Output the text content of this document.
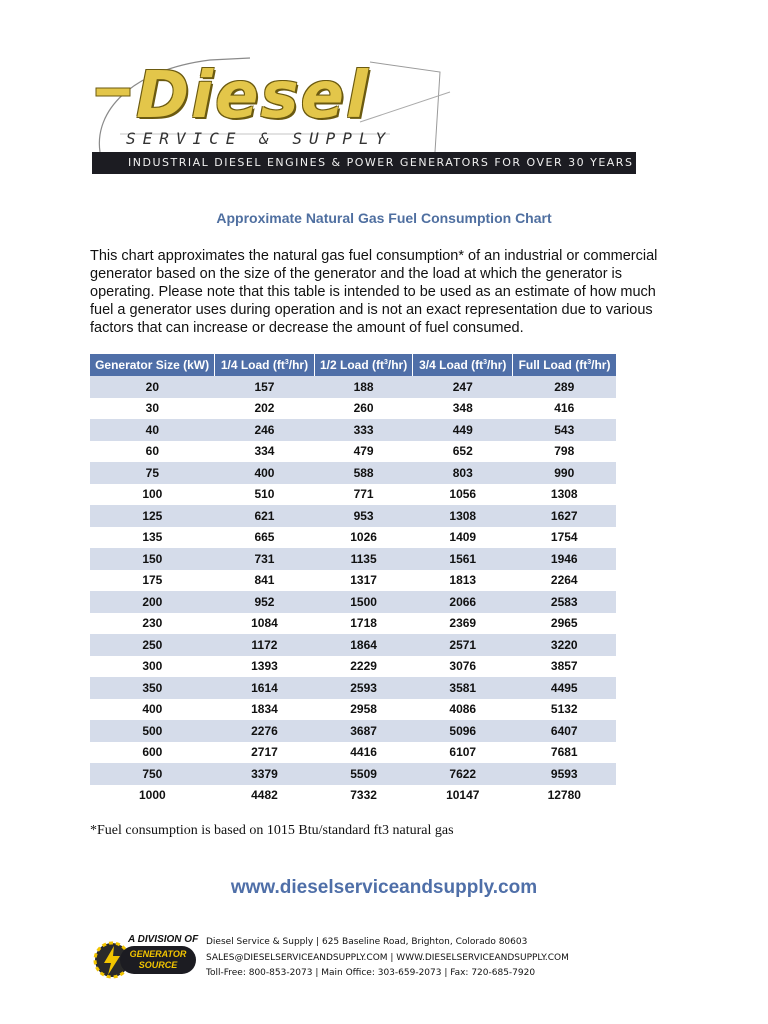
Diesel
SERVICE & SUPPLY
INDUSTRIAL DIESEL ENGINES & POWER GENERATORS FOR OVER 30 YEARS
Approximate Natural Gas Fuel Consumption Chart
This chart approximates the natural gas fuel consumption* of an industrial or commercial generator based on the size of the generator and the load at which the generator is operating. Please note that this table is intended to be used as an estimate of how much fuel a generator uses during operation and is not an exact representation due to various factors that can increase or decrease the amount of fuel consumed.
Generator Size (kW)	1/4 Load $(ft^3/hr)$	1/2 Load $(ft^3/hr)$	3/4 Load $(ft^3/hr)$	Full Load $(ft^3/hr)$
20	157	188	247	289
30	202	260	348	416
40	246	333	449	543
60	334	479	652	798
75	400	588	803	990
100	510	771	1056	1308
125	621	953	1308	1627
135	665	1026	1409	1754
150	731	1135	1561	1946
175	841	1317	1813	2264
200	952	1500	2066	2583
230	1084	1718	2369	2965
250	1172	1864	2571	3220
300	1393	2229	3076	3857
350	1614	2593	3581	4495
400	1834	2958	4086	5132
500	2276	3687	5096	6407
600	2717	4416	6107	7681
750	3379	5509	7622	9593
1000	4482	7332	10147	12780
*Fuel consumption is based on 1015 Btu/standard ft3 natural gas
www.dieselserviceandsupply.com
A DIVISION OF
GENERATOR
SOURCE
Diesel Service & Supply | 625 Baseline Road, Brighton, Colorado 80603
SALES@DIESELSERVICEANDSUPPLY.COM | WWW.DIESELSERVICEANDSUPPLY.COM
Toll-Free: 800-853-2073 | Main Office: 303-659-2073 | Fax: 720-685-7920
